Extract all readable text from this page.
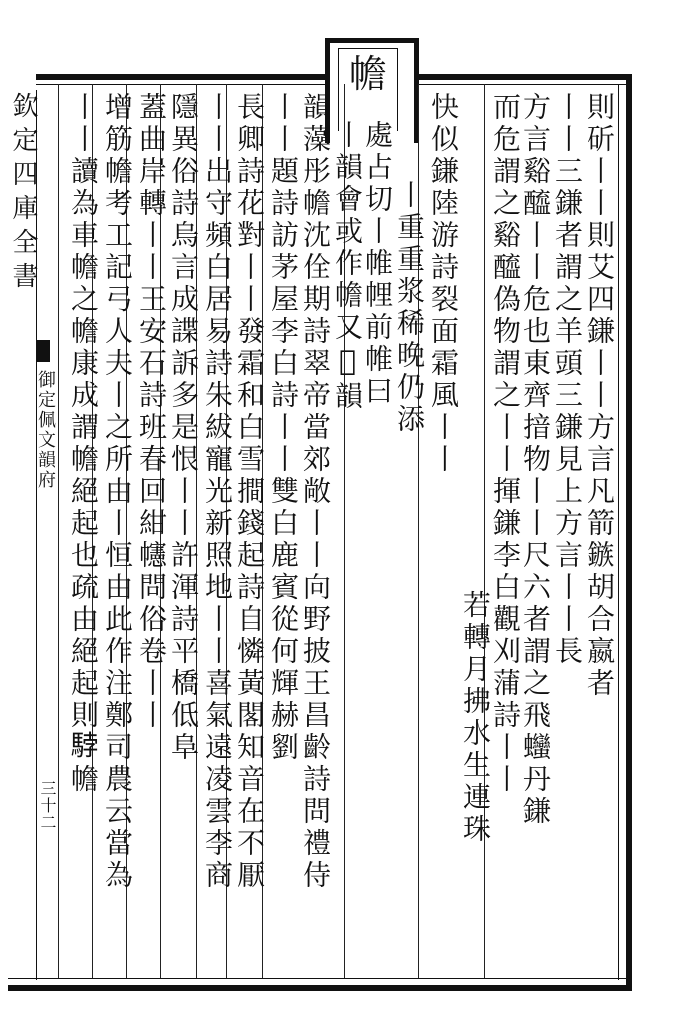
幨
則斫丨丨則艾四鎌丨丨方言凡箭鏃胡合嬴者
丨丨三鎌者謂之羊頭三鎌見上方言丨丨長
方言谿醯丨丨危也東齊揞物丨丨尺六者謂之飛𧖣丹鎌
而危謂之谿醯偽物謂之丨丨揮鎌李白觀刈蒲詩丨丨
若轉月拂水生連珠
快似鎌陸游詩裂面霜風丨丨
丨重重浆稀晚仍添
處占切丨帷𢃇前帷曰
丨韻會或作幨又𧓍韻
韻藻彤幨沈佺期詩翠帝當郊敞丨丨向野披王昌齡詩問禮侍
丨丨題詩訪茅屋李白詩丨丨雙白鹿賓從何輝赫劉
長卿詩花對丨丨發霜和白雪𢵧錢起詩自憐黃閣知音在不厭
丨丨出守頻白居易詩朱紱寵光新照地丨丨喜氣遠凌雲李商
隱異俗詩烏言成諜訴多是恨丨丨許渾詩平橋低阜
蓋曲岸轉丨丨王安石詩班春回紺幰問俗卷丨丨
增筋幨考工記弓人夫丨之所由丨恒由此作注鄭司農云當為
丨丨讀為車幨之幨康成謂幨絕起也疏由絕起則𩣡幨
欽定四庫全書
御定佩文韻府
三十二
